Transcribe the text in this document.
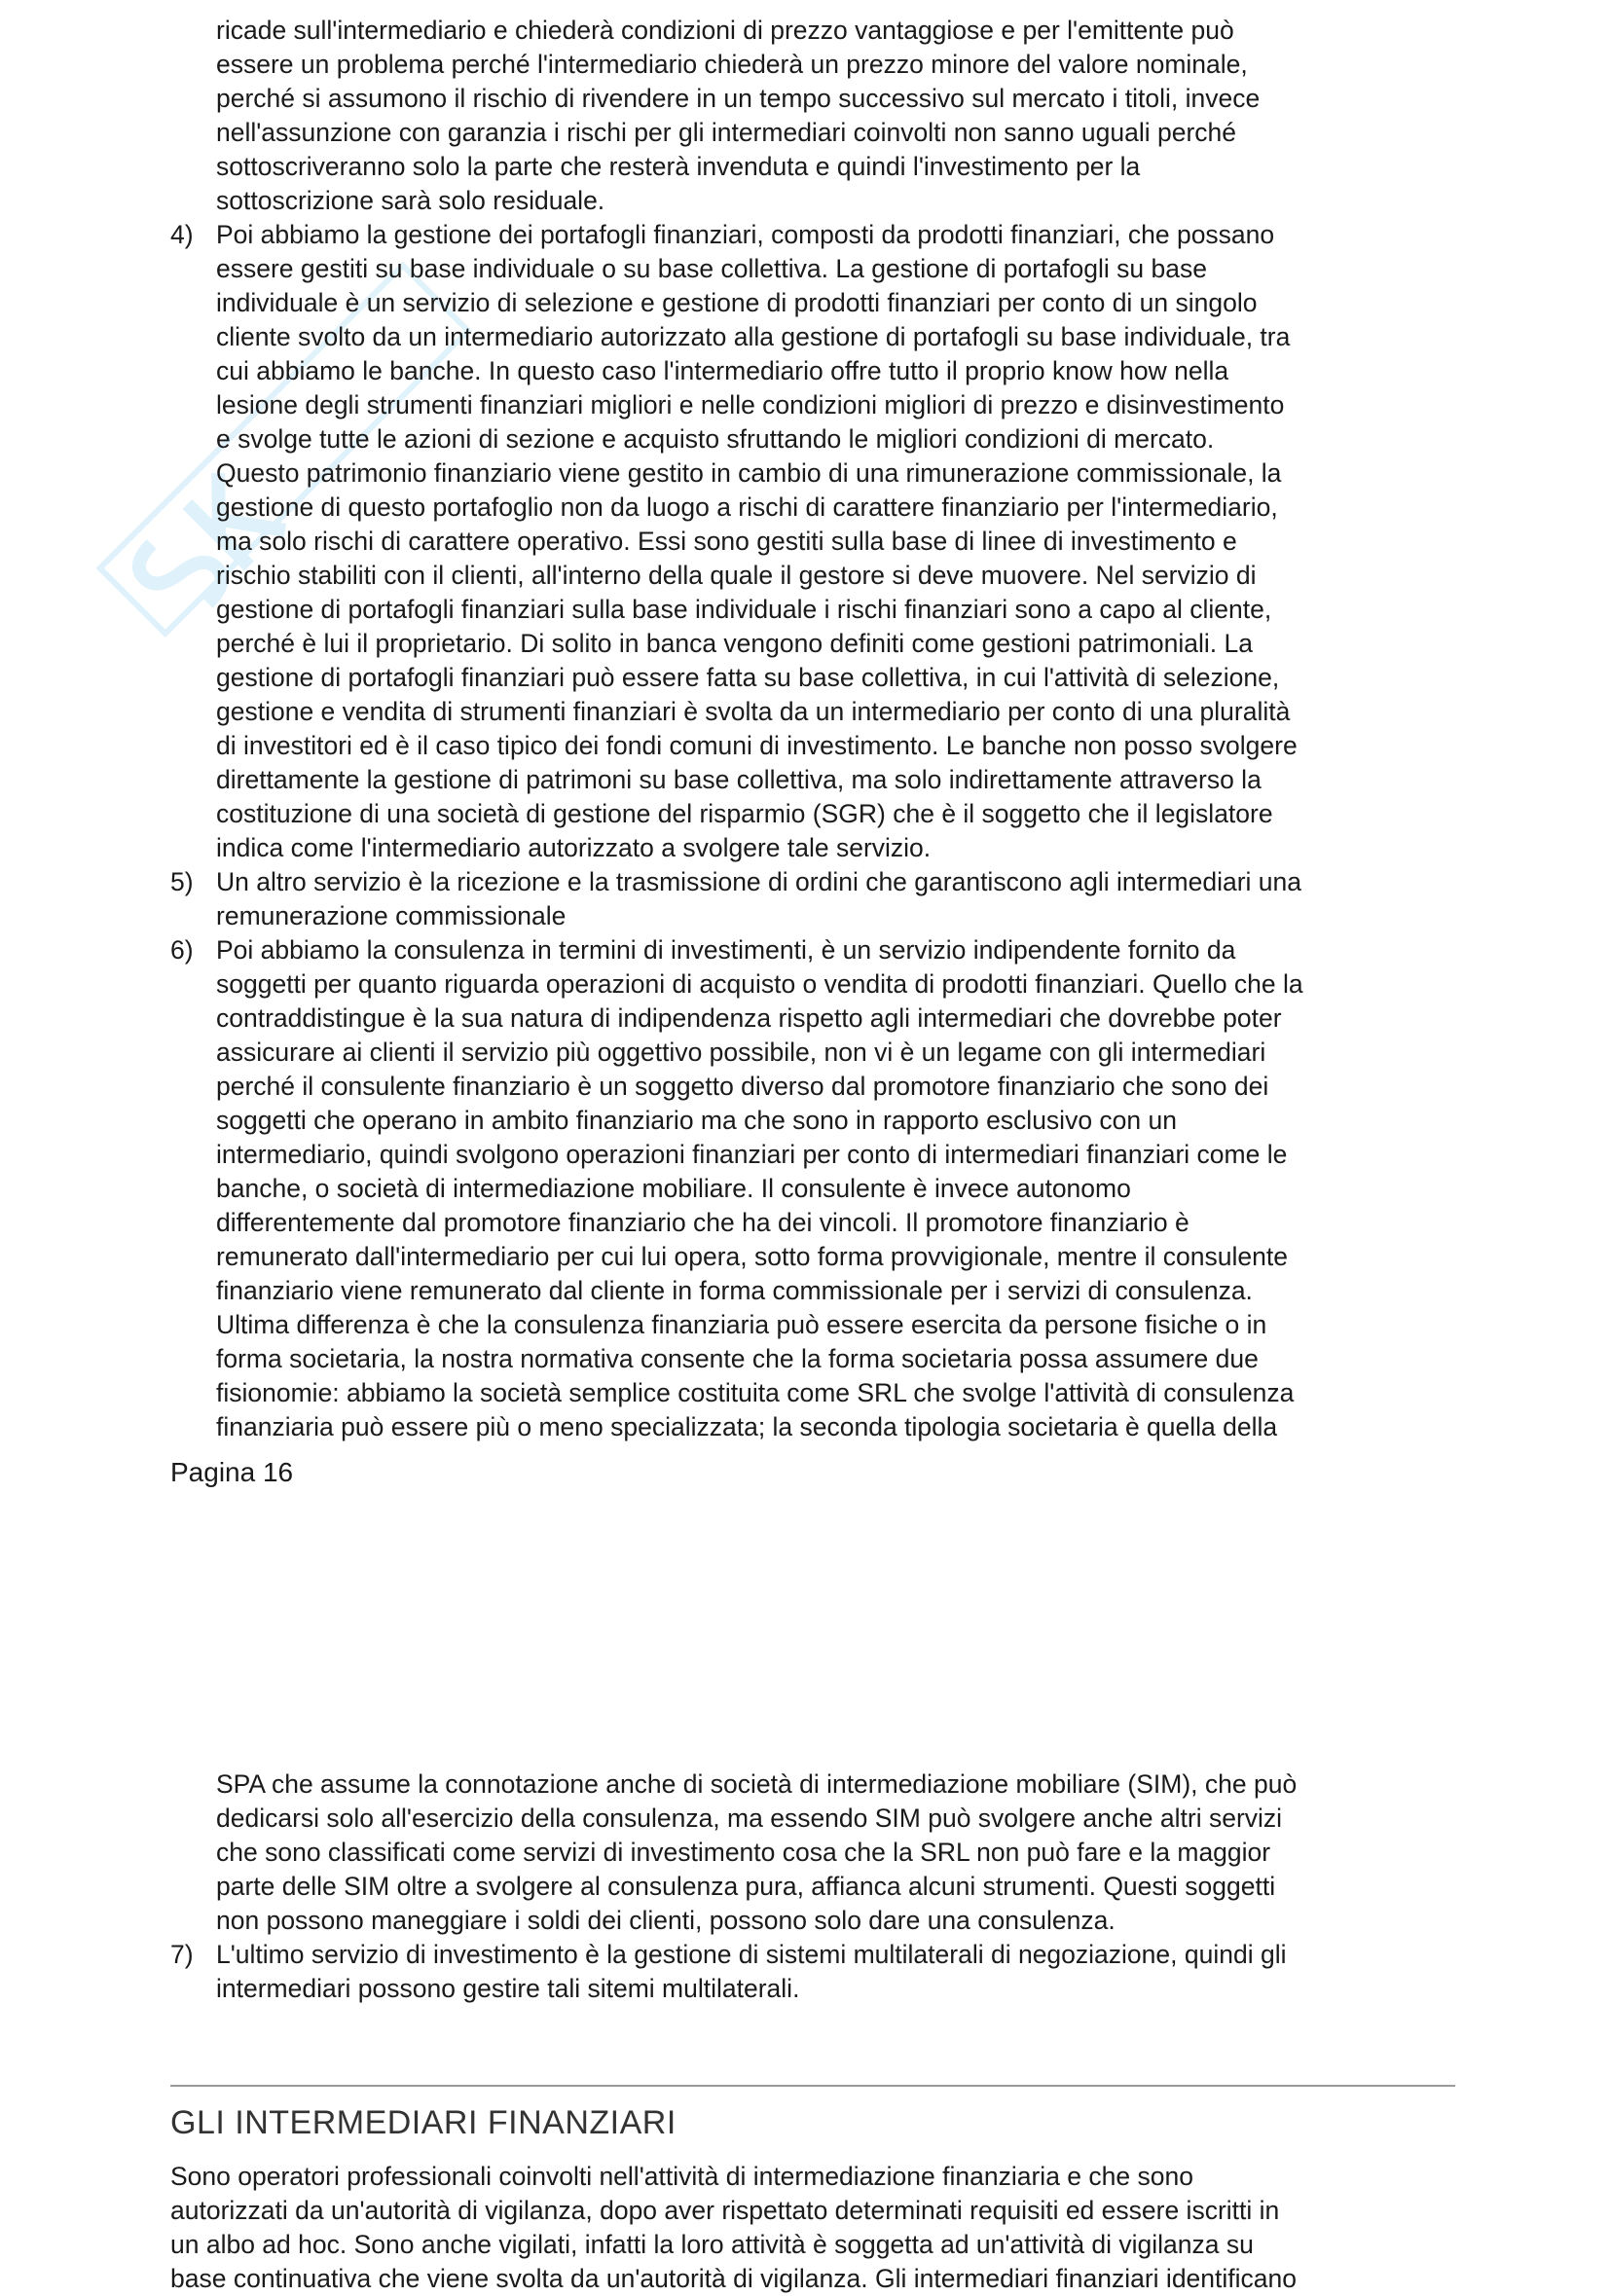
ricade sull'intermediario e chiederà condizioni di prezzo vantaggiose e per l'emittente può
essere un problema perché l'intermediario chiederà un prezzo minore del valore nominale,
perché si assumono il rischio di rivendere in un tempo successivo sul mercato i titoli, invece
nell'assunzione con garanzia i rischi per gli intermediari coinvolti non sanno uguali perché
sottoscriveranno solo la parte che resterà invenduta e quindi l'investimento per la
sottoscrizione sarà solo residuale.
4) Poi abbiamo la gestione dei portafogli finanziari, composti da prodotti finanziari, che possano
essere gestiti su base individuale o su base collettiva. La gestione di portafogli su base
individuale è un servizio di selezione e gestione di prodotti finanziari per conto di un singolo
cliente svolto da un intermediario autorizzato alla gestione di portafogli su base individuale, tra
cui abbiamo le banche. In questo caso l'intermediario offre tutto il proprio know how nella
lesione degli strumenti finanziari migliori e nelle condizioni migliori di prezzo e disinvestimento
e svolge tutte le azioni di sezione e acquisto sfruttando le migliori condizioni di mercato.
Questo patrimonio finanziario viene gestito in cambio di una rimunerazione commissionale, la
gestione di questo portafoglio non da luogo a rischi di carattere finanziario per l'intermediario,
ma solo rischi di carattere operativo. Essi sono gestiti sulla base di linee di investimento e
rischio stabiliti con il clienti, all'interno della quale il gestore si deve muovere. Nel servizio di
gestione di portafogli finanziari sulla base individuale i rischi finanziari sono a capo al cliente,
perché è lui il proprietario. Di solito in banca vengono definiti come gestioni patrimoniali. La
gestione di portafogli finanziari può essere fatta su base collettiva, in cui l'attività di selezione,
gestione e vendita di strumenti finanziari è svolta da un intermediario per conto di una pluralità
di investitori ed è il caso tipico dei fondi comuni di investimento. Le banche non posso svolgere
direttamente la gestione di patrimoni su base collettiva, ma solo indirettamente attraverso la
costituzione di una società di gestione del risparmio (SGR) che è il soggetto che il legislatore
indica come l'intermediario autorizzato a svolgere tale servizio.
5) Un altro servizio è la ricezione e la trasmissione di ordini che garantiscono agli intermediari una
remunerazione commissionale
6) Poi abbiamo la consulenza in termini di investimenti, è un servizio indipendente fornito da
soggetti per quanto riguarda operazioni di acquisto o vendita di prodotti finanziari. Quello che la
contraddistingue è la sua natura di indipendenza rispetto agli intermediari che dovrebbe poter
assicurare ai clienti il servizio più oggettivo possibile, non vi è un legame con gli intermediari
perché il consulente finanziario è un soggetto diverso dal promotore finanziario che sono dei
soggetti che operano in ambito finanziario ma che sono in rapporto esclusivo con un
intermediario, quindi svolgono operazioni finanziari per conto di intermediari finanziari come le
banche, o società di intermediazione mobiliare. Il consulente è invece autonomo
differentemente dal promotore finanziario che ha dei vincoli. Il promotore finanziario è
remunerato dall'intermediario per cui lui opera, sotto forma provvigionale, mentre il consulente
finanziario viene remunerato dal cliente in forma commissionale per i servizi di consulenza.
Ultima differenza è che la consulenza finanziaria può essere esercita da persone fisiche o in
forma societaria, la nostra normativa consente che la forma societaria possa assumere due
fisionomie: abbiamo la società semplice costituita come SRL che svolge l'attività di consulenza
finanziaria può essere più o meno specializzata; la seconda tipologia societaria è quella della
Pagina 16
SPA che assume la connotazione anche di società di intermediazione mobiliare (SIM), che può
dedicarsi solo all'esercizio della consulenza, ma essendo SIM può svolgere anche altri servizi
che sono classificati come servizi di investimento cosa che la SRL non può fare e la maggior
parte delle SIM oltre a svolgere al consulenza pura, affianca alcuni strumenti. Questi soggetti
non possono maneggiare i soldi dei clienti, possono solo dare una consulenza.
7) L'ultimo servizio di investimento è la gestione di sistemi multilaterali di negoziazione, quindi gli
intermediari possono gestire tali sitemi multilaterali.
GLI INTERMEDIARI FINANZIARI
Sono operatori professionali coinvolti nell'attività di intermediazione finanziaria e che sono
autorizzati da un'autorità di vigilanza, dopo aver rispettato determinati requisiti ed essere iscritti in
un albo ad hoc. Sono anche vigilati, infatti la loro attività è soggetta ad un'attività di vigilanza su
base continuativa che viene svolta da un'autorità di vigilanza. Gli intermediari finanziari identificano
